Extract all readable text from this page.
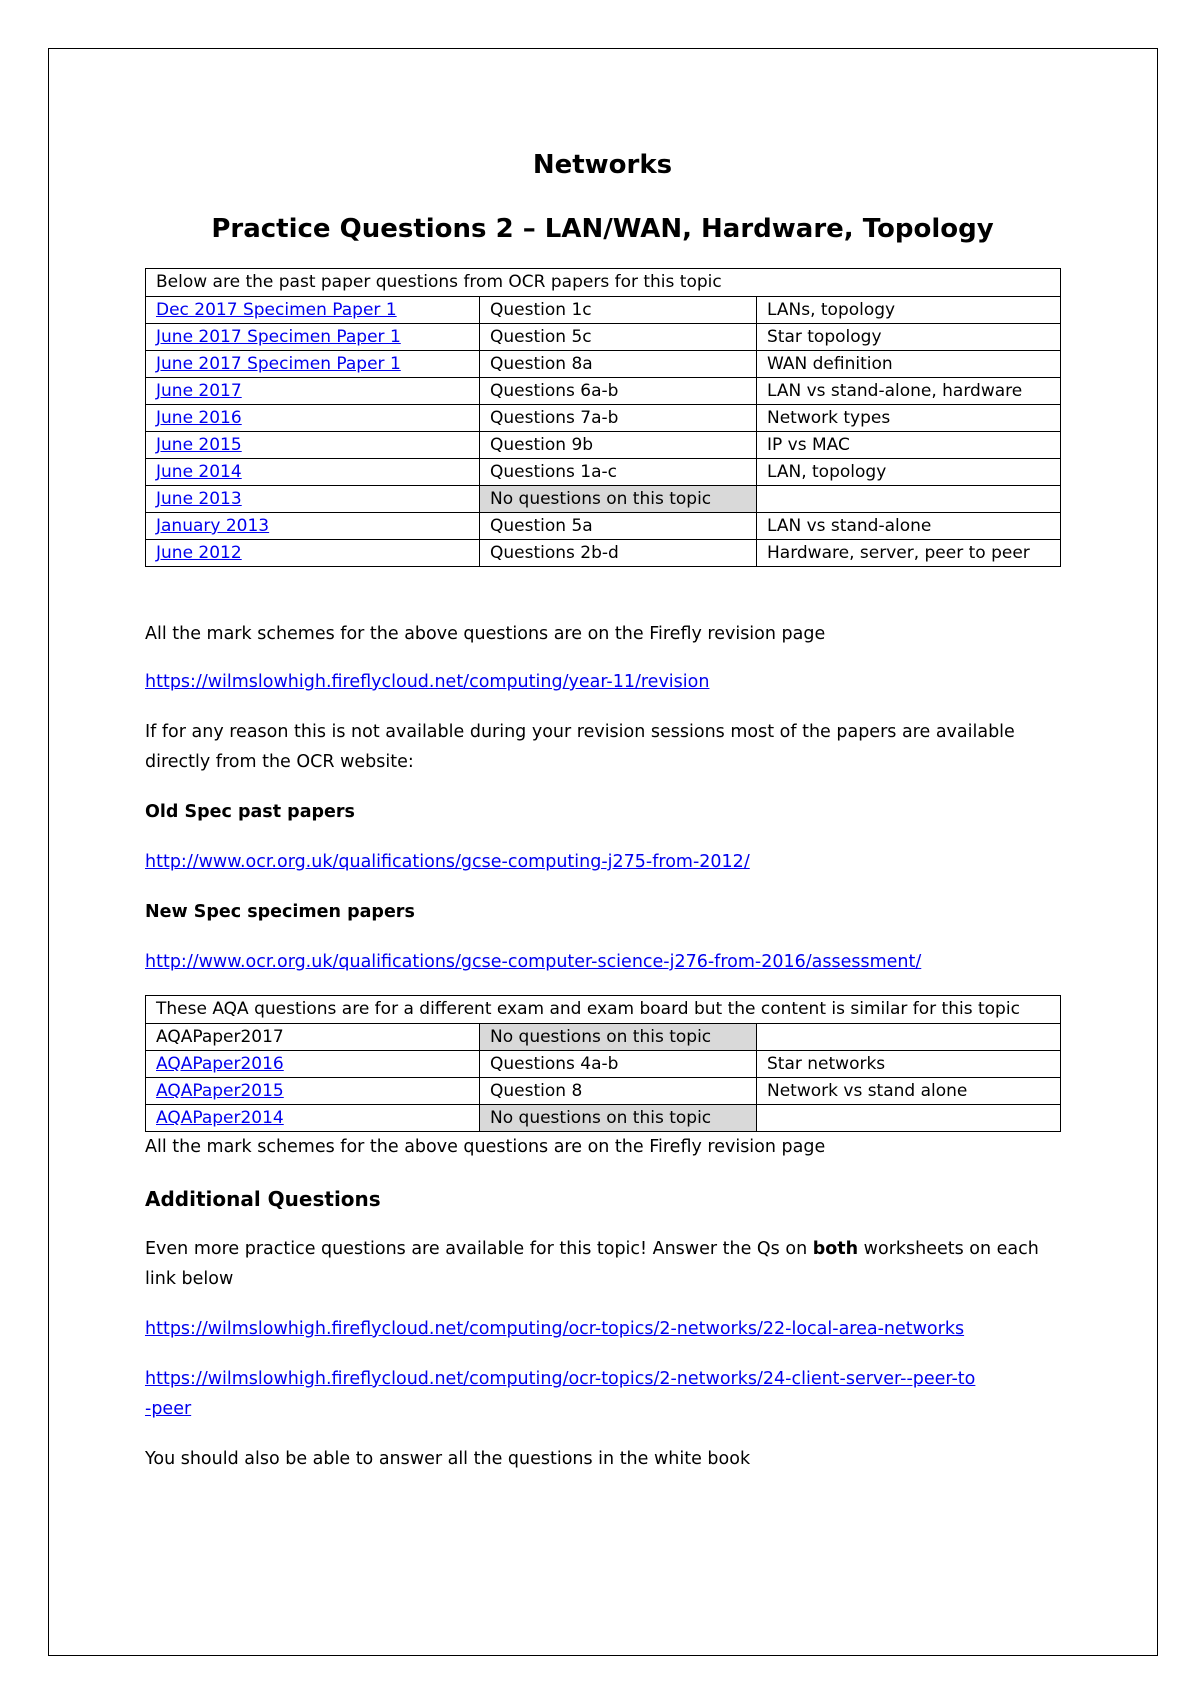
Networks
Practice Questions 2 – LAN/WAN, Hardware, Topology
Below are the past paper questions from OCR papers for this topic		
Dec 2017 Specimen Paper 1	Question 1c	LANs, topology
June 2017 Specimen Paper 1	Question 5c	Star topology
June 2017 Specimen Paper 1	Question 8a	WAN definition
June 2017	Questions 6a-b	LAN vs stand-alone, hardware
June 2016	Questions 7a-b	Network types
June 2015	Question 9b	IP vs MAC
June 2014	Questions 1a-c	LAN, topology
June 2013	No questions on this topic	
January 2013	Question 5a	LAN vs stand-alone
June 2012	Questions 2b-d	Hardware, server, peer to peer

All the mark schemes for the above questions are on the Firefly revision page

https://wilmslowhigh.fireflycloud.net/computing/year-11/revision

If for any reason this is not available during your revision sessions most of the papers are available directly from the OCR website:

Old Spec past papers

http://www.ocr.org.uk/qualifications/gcse-computing-j275-from-2012/

New Spec specimen papers

http://www.ocr.org.uk/qualifications/gcse-computer-science-j276-from-2016/assessment/

These AQA questions are for a different exam and exam board but the content is similar for this topic		
AQAPaper2017	No questions on this topic	
AQAPaper2016	Questions 4a-b	Star networks
AQAPaper2015	Question 8	Network vs stand alone
AQAPaper2014	No questions on this topic	

All the mark schemes for the above questions are on the Firefly revision page

Additional Questions

Even more practice questions are available for this topic! Answer the Qs on both worksheets on each link below

https://wilmslowhigh.fireflycloud.net/computing/ocr-topics/2-networks/22-local-area-networks

https://wilmslowhigh.fireflycloud.net/computing/ocr-topics/2-networks/24-client-server--peer-to-peer

You should also be able to answer all the questions in the white book
